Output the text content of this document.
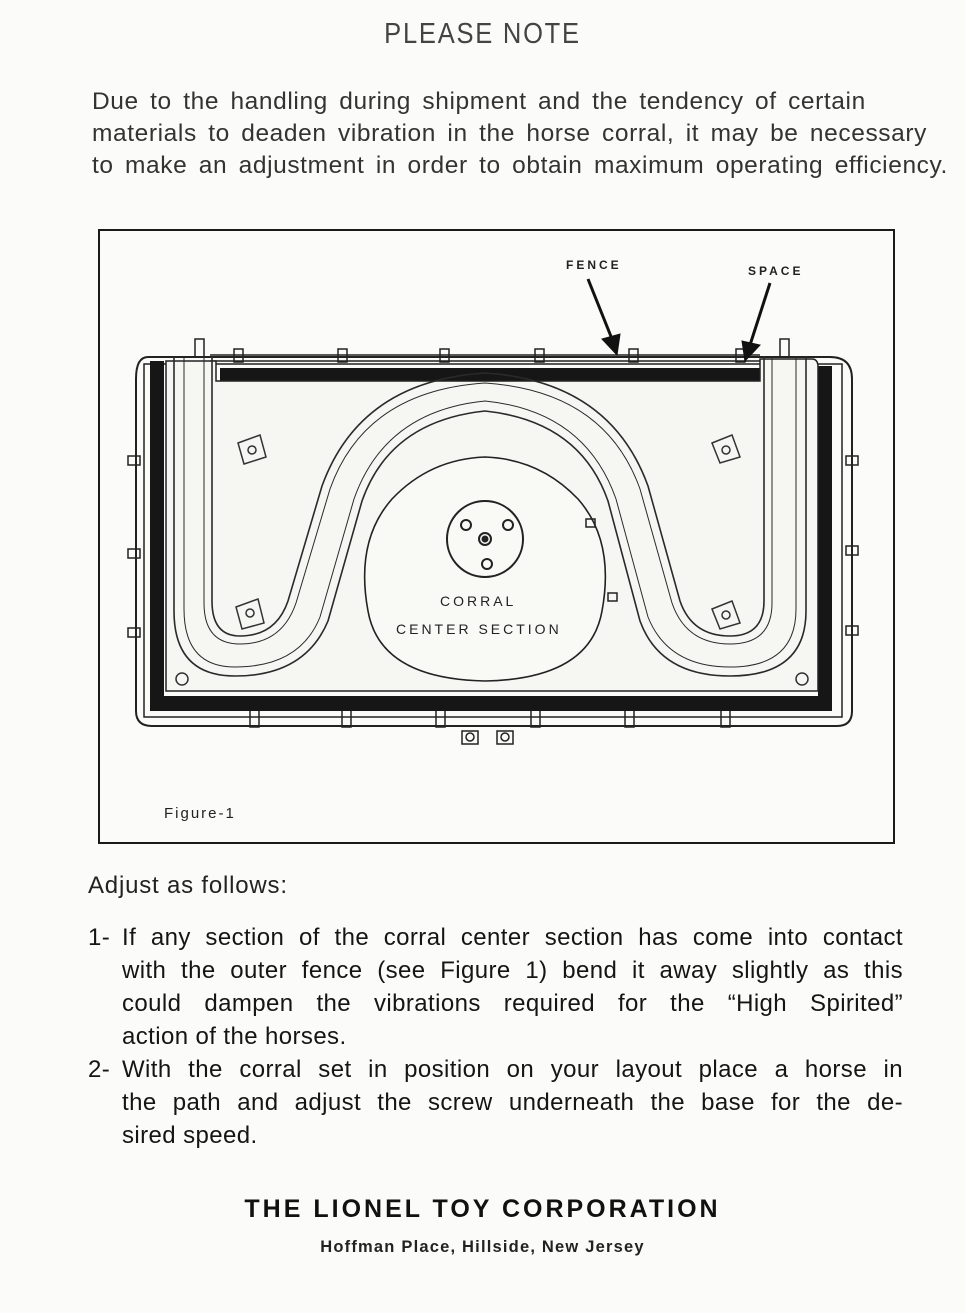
PLEASE NOTE
Due to the handling during shipment and the tendency of certain
materials to deaden vibration in the horse corral, it may be necessary
to make an adjustment in order to obtain maximum operating efficiency.
FENCE	SPACE
CORRAL
CENTER SECTION
Figure-1
Adjust as follows:
1- If any section of the corral center section has come into contact
with the outer fence (see Figure 1) bend it away slightly as this
could dampen the vibrations required for the “High Spirited”
action of the horses.
2- With the corral set in position on your layout place a horse in
the path and adjust the screw underneath the base for the de-
sired speed.
THE LIONEL TOY CORPORATION
Hoffman Place, Hillside, New Jersey
